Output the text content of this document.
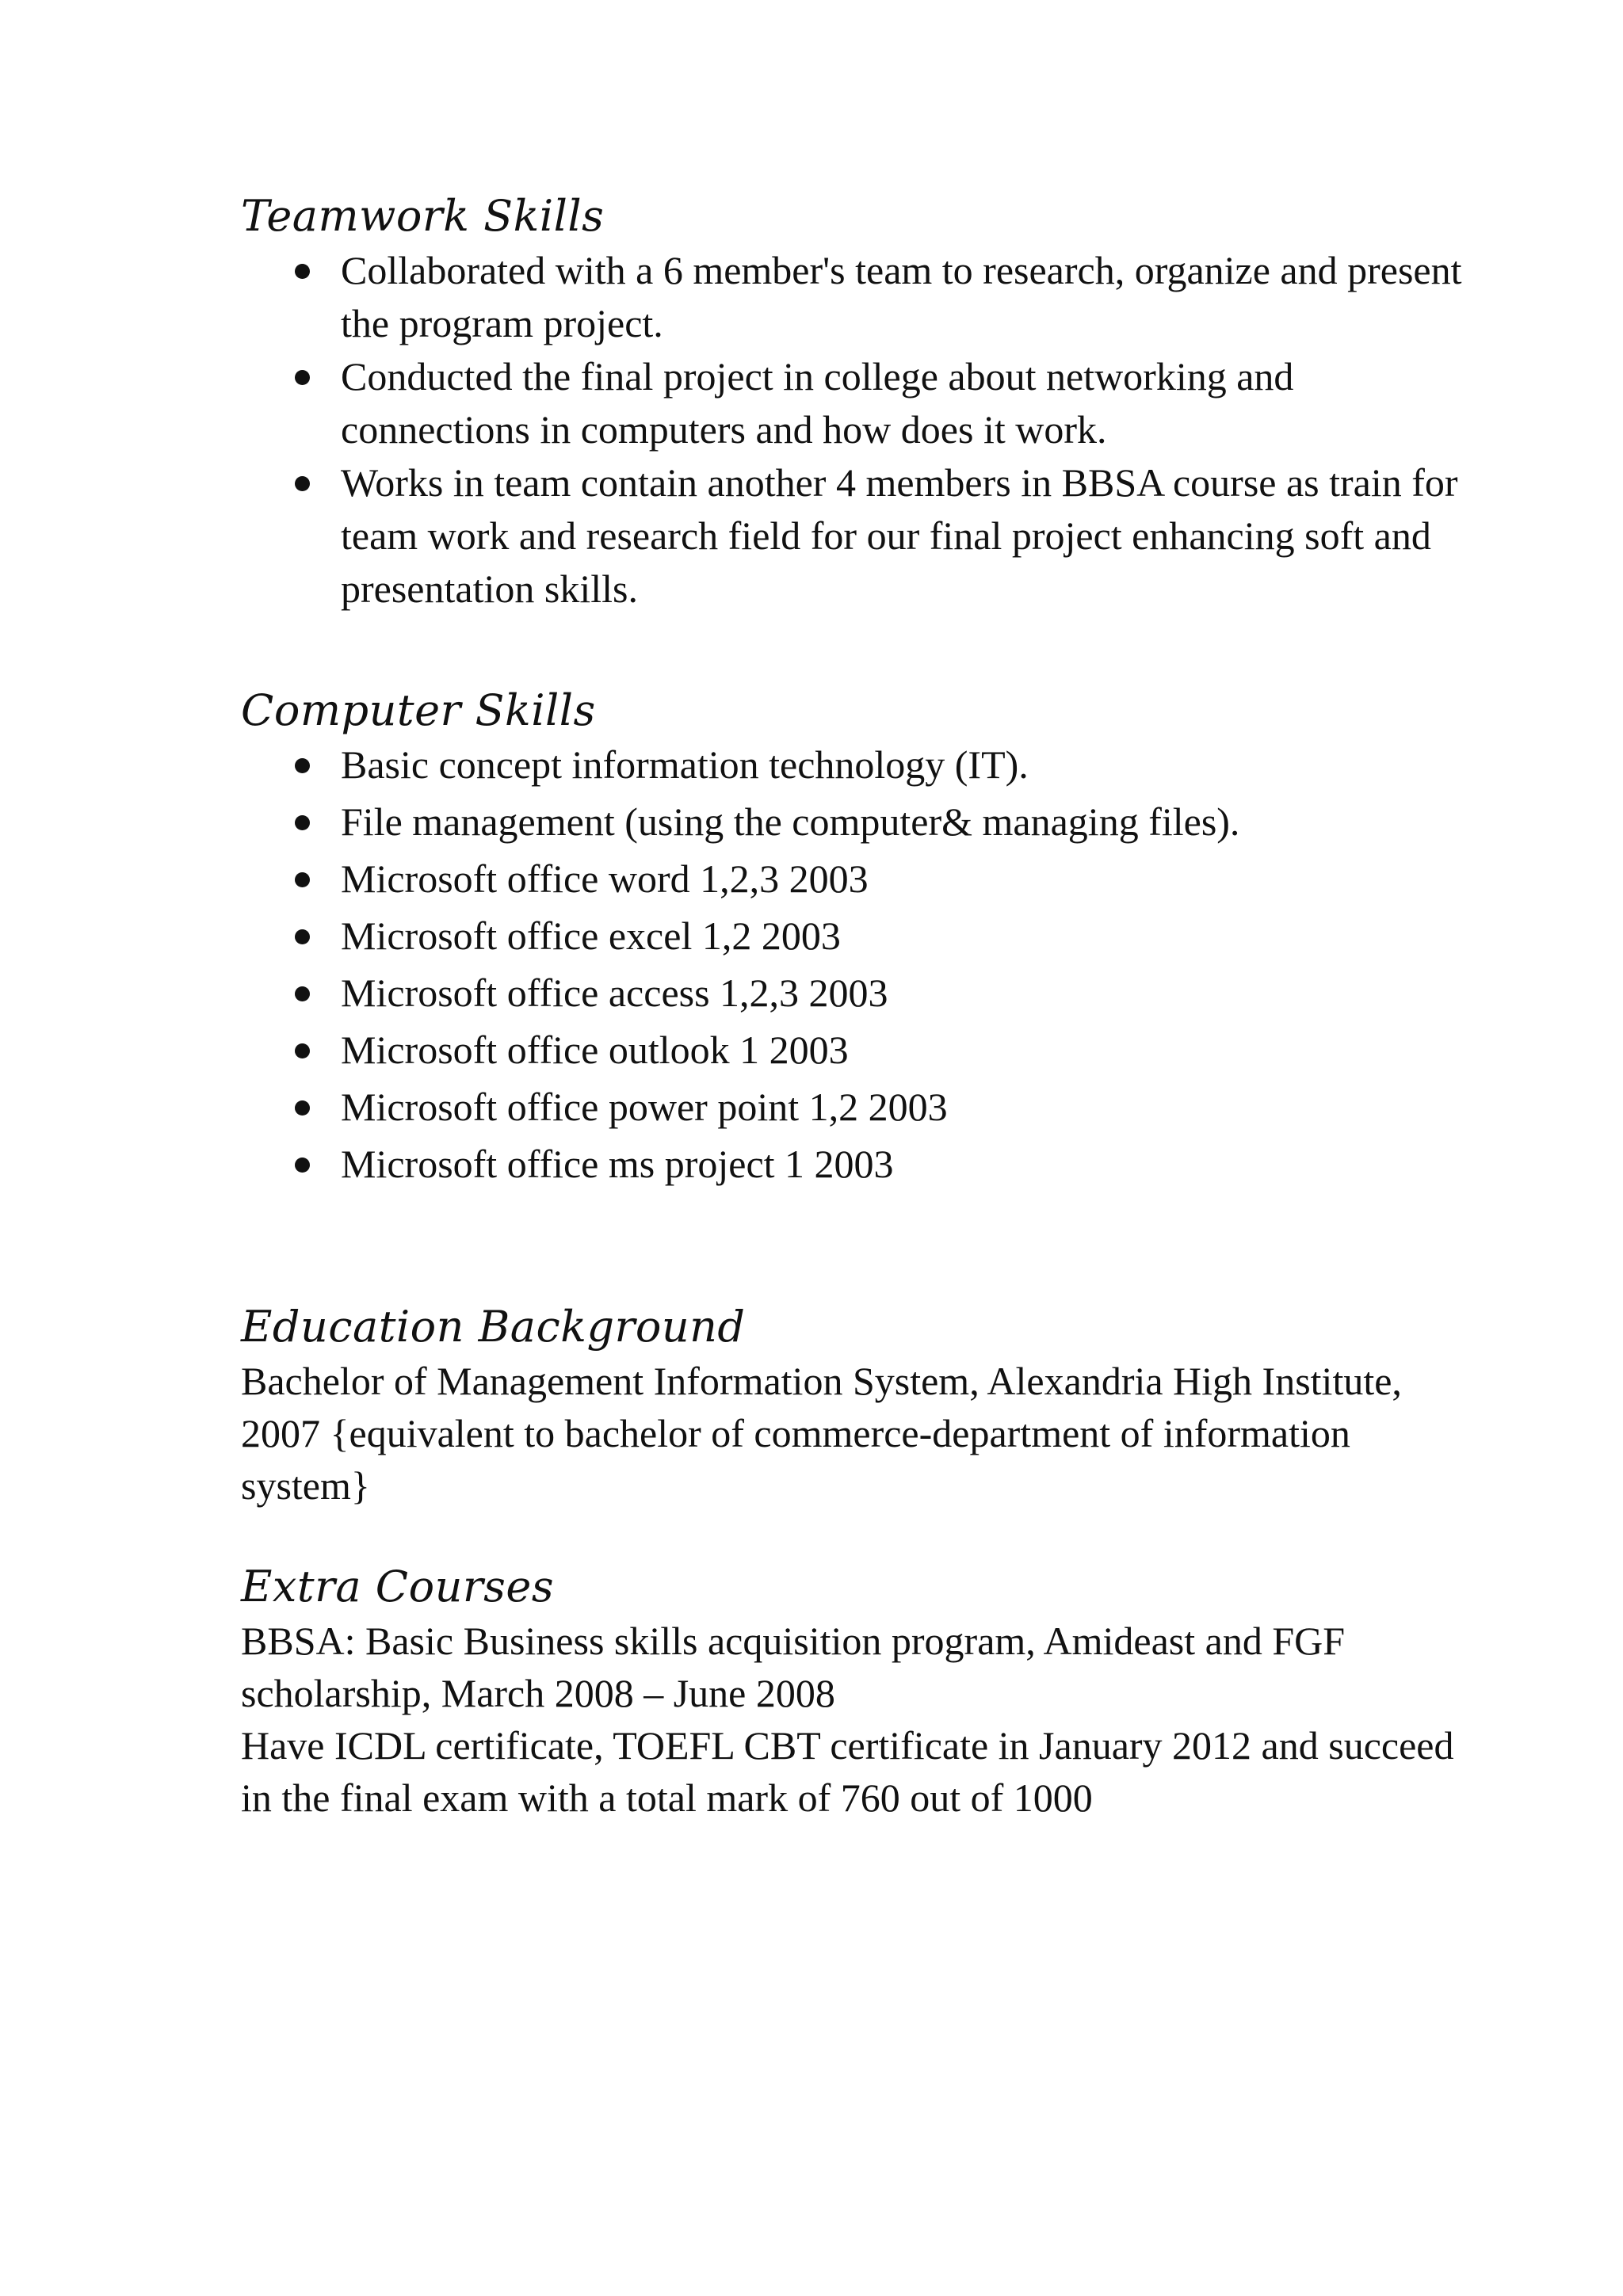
Teamwork Skills
Collaborated with a 6 member's team to research, organize and present the program project.
Conducted the final project in college about networking and connections in computers and how does it work.
Works in team contain another 4 members in BBSA course as train for team work and research field for our final project enhancing soft and presentation skills.
Computer Skills
Basic concept information technology (IT).
File management (using the computer& managing files).
Microsoft office word 1,2,3 2003
Microsoft office excel 1,2 2003
Microsoft office access 1,2,3 2003
Microsoft office outlook 1 2003
Microsoft office power point 1,2 2003
Microsoft office ms project 1 2003
Education Background

Bachelor of Management Information System, Alexandria High Institute, 2007 {equivalent to bachelor of commerce-department of information system}

Extra Courses

BBSA: Basic Business skills acquisition program, Amideast and FGF scholarship, March 2008 – June 2008

Have ICDL certificate, TOEFL CBT certificate in January 2012 and succeed in the final exam with a total mark of 760 out of 1000
